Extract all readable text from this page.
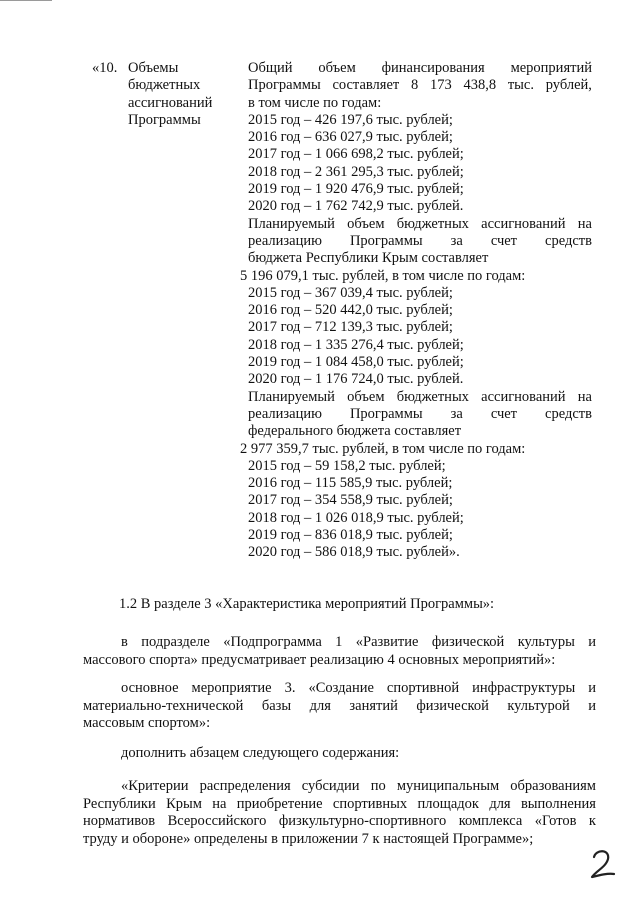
«10. Объемы
бюджетных
ассигнований
Программы
Общий объем финансирования мероприятий
Программы составляет 8 173 438,8 тыс. рублей,
в том числе по годам:
2015 год – 426 197,6 тыс. рублей;
2016 год – 636 027,9 тыс. рублей;
2017 год – 1 066 698,2 тыс. рублей;
2018 год – 2 361 295,3 тыс. рублей;
2019 год – 1 920 476,9 тыс. рублей;
2020 год – 1 762 742,9 тыс. рублей.
Планируемый объем бюджетных ассигнований на
реализацию Программы за счет средств
бюджета Республики Крым составляет
5 196 079,1 тыс. рублей, в том числе по годам:
2015 год – 367 039,4 тыс. рублей;
2016 год – 520 442,0 тыс. рублей;
2017 год – 712 139,3 тыс. рублей;
2018 год – 1 335 276,4 тыс. рублей;
2019 год – 1 084 458,0 тыс. рублей;
2020 год – 1 176 724,0 тыс. рублей.
Планируемый объем бюджетных ассигнований на
реализацию Программы за счет средств
федерального бюджета составляет
2 977 359,7 тыс. рублей, в том числе по годам:
2015 год – 59 158,2 тыс. рублей;
2016 год – 115 585,9 тыс. рублей;
2017 год – 354 558,9 тыс. рублей;
2018 год – 1 026 018,9 тыс. рублей;
2019 год – 836 018,9 тыс. рублей;
2020 год – 586 018,9 тыс. рублей».
1.2 В разделе 3 «Характеристика мероприятий Программы»:
в подразделе «Подпрограмма 1 «Развитие физической культуры и
массового спорта» предусматривает реализацию 4 основных мероприятий»:
основное мероприятие 3. «Создание спортивной инфраструктуры и
материально-технической базы для занятий физической культурой и
массовым спортом»:
дополнить абзацем следующего содержания:
«Критерии распределения субсидии по муниципальным образованиям
Республики Крым на приобретение спортивных площадок для выполнения
нормативов Всероссийского физкультурно-спортивного комплекса «Готов к
труду и обороне» определены в приложении 7 к настоящей Программе»;
